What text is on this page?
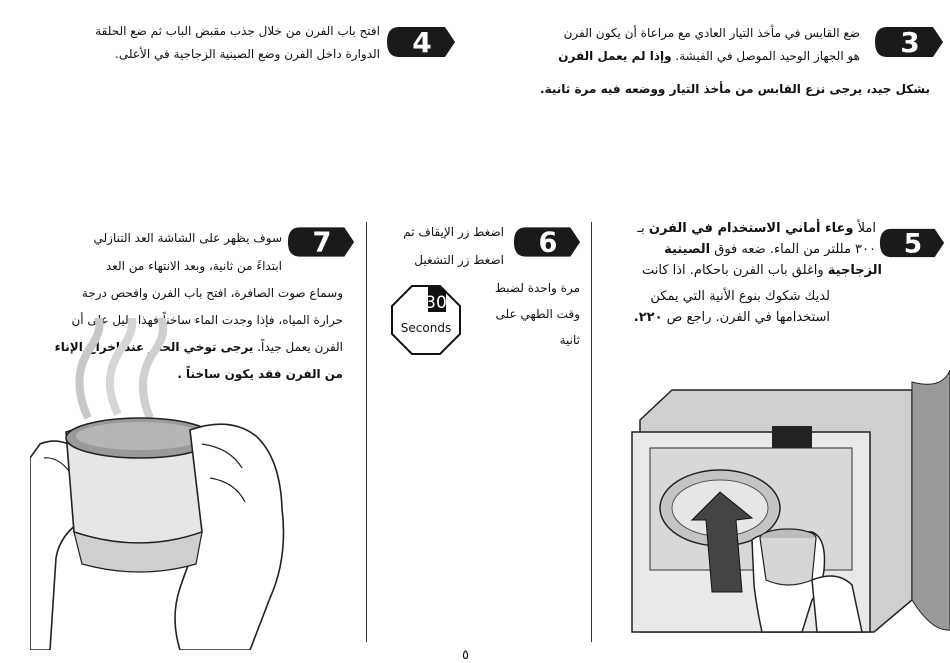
3
ضع القابس في مأخذ التيار العادي مع مراعاة أن يكون الفرن
هو الجهاز الوحيد الموصل في الفيشة. وإذا لم يعمل الفرن
بشكل جيد، يرجى نزع القابس من مأخذ التيار ووضعه فيه مرة ثانية.
4
افتح باب الفرن من خلال جذب مقبض الباب ثم ضع الحلقة
الدوارة داخل الفرن وضع الصينية الزجاجية في الأعلى.
5
املأ وعاء أماني الاستخدام في الفرن بـ
٣٠٠ مللتر من الماء. ضعه فوق الصينية
الزجاجية واغلق باب الفرن باحكام. اذا كانت
لديك شكوك بنوع الأنية التي يمكن
استخدامها في الفرن. راجع ص ٢٢٠.
6
اضغط زر الإيقاف ثم
اضغط زر التشغيل
مرة واحدة لضبط
وقت الطهي على
ثانية
30
Seconds
7
سوف يظهر على الشاشة العد التنازلي
ابتداءً من ثانية، وبعد الانتهاء من العد
وسماع صوت الصافرة، افتح باب الفرن وافحص درجة
حرارة المياه، فإذا وجدت الماء ساخناً فهذا دليل على أن
الفرن يعمل جيداً. يرجى توخي الحذر عند إخراج الإناء
من الفرن فقد يكون ساخناً .
٥
